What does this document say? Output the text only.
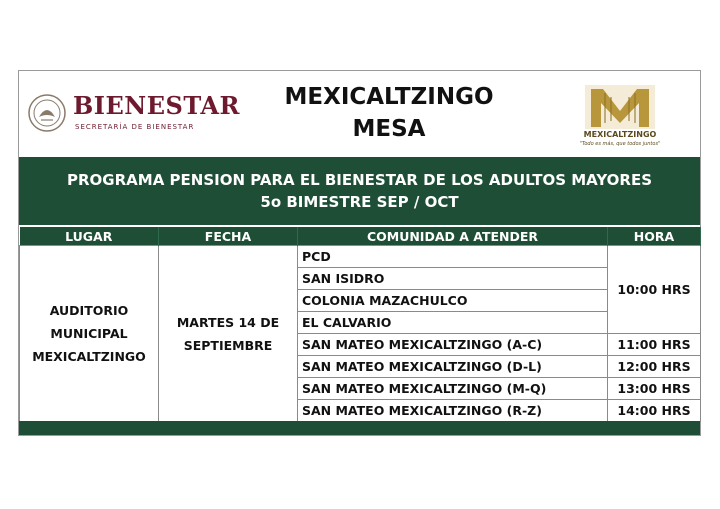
BIENESTAR
SECRETARÍA DE BIENESTAR
MEXICALTZINGO
MESA	MEXICALTZINGO
"Todo es más, que todos juntos"
PROGRAMA PENSION PARA EL BIENESTAR DE LOS ADULTOS MAYORES
5o BIMESTRE SEP / OCT
LUGAR	FECHA	COMUNIDAD A ATENDER	HORA
AUDITORIO MUNICIPAL MEXICALTZINGO	MARTES 14 DE SEPTIEMBRE	PCD	10:00 HRS
		SAN ISIDRO	
		COLONIA MAZACHULCO	
		EL CALVARIO	
		SAN MATEO MEXICALTZINGO (A-C)	11:00 HRS
		SAN MATEO MEXICALTZINGO (D-L)	12:00 HRS
		SAN MATEO MEXICALTZINGO (M-Q)	13:00 HRS
		SAN MATEO MEXICALTZINGO (R-Z)	14:00 HRS
